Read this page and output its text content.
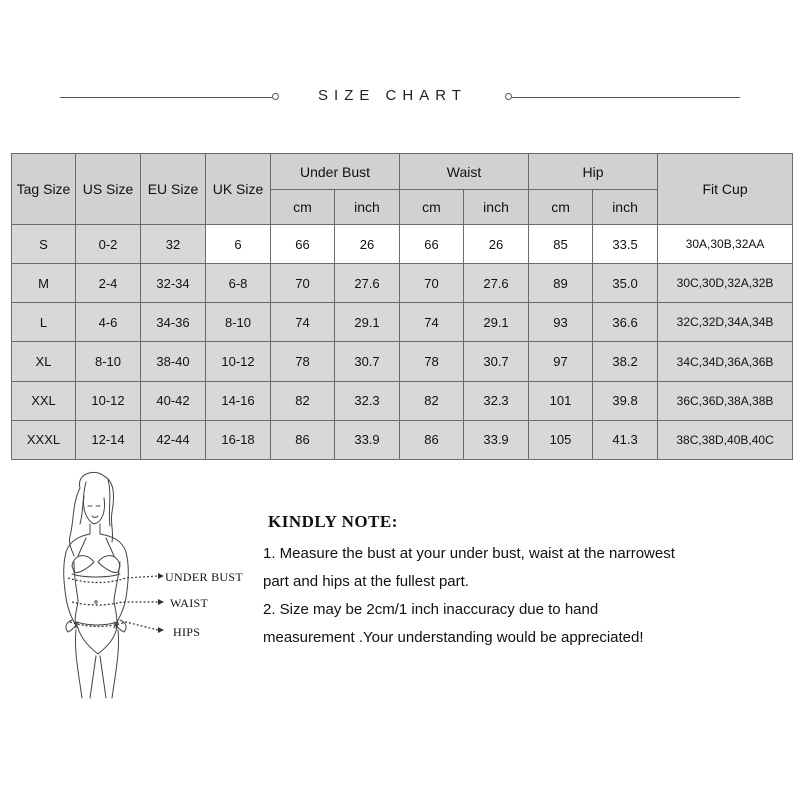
SIZE CHART
Tag Size	US Size	EU Size	UK Size	Under Bust		Waist		Hip		Fit Cup
				cm	inch	cm	inch	cm	inch	
S	0-2	32	6	66	26	66	26	85	33.5	30A,30B,32AA
M	2-4	32-34	6-8	70	27.6	70	27.6	89	35.0	30C,30D,32A,32B
L	4-6	34-36	8-10	74	29.1	74	29.1	93	36.6	32C,32D,34A,34B
XL	8-10	38-40	10-12	78	30.7	78	30.7	97	38.2	34C,34D,36A,36B
XXL	10-12	40-42	14-16	82	32.3	82	32.3	101	39.8	36C,36D,38A,38B
XXXL	12-14	42-44	16-18	86	33.9	86	33.9	105	41.3	38C,38D,40B,40C
UNDER BUST
WAIST
HIPS
KINDLY NOTE:
1. Measure the bust at your under bust, waist at the narrowest
part and hips at the fullest part.
2. Size may be 2cm/1 inch inaccuracy due to hand
measurement .Your understanding would be appreciated!
